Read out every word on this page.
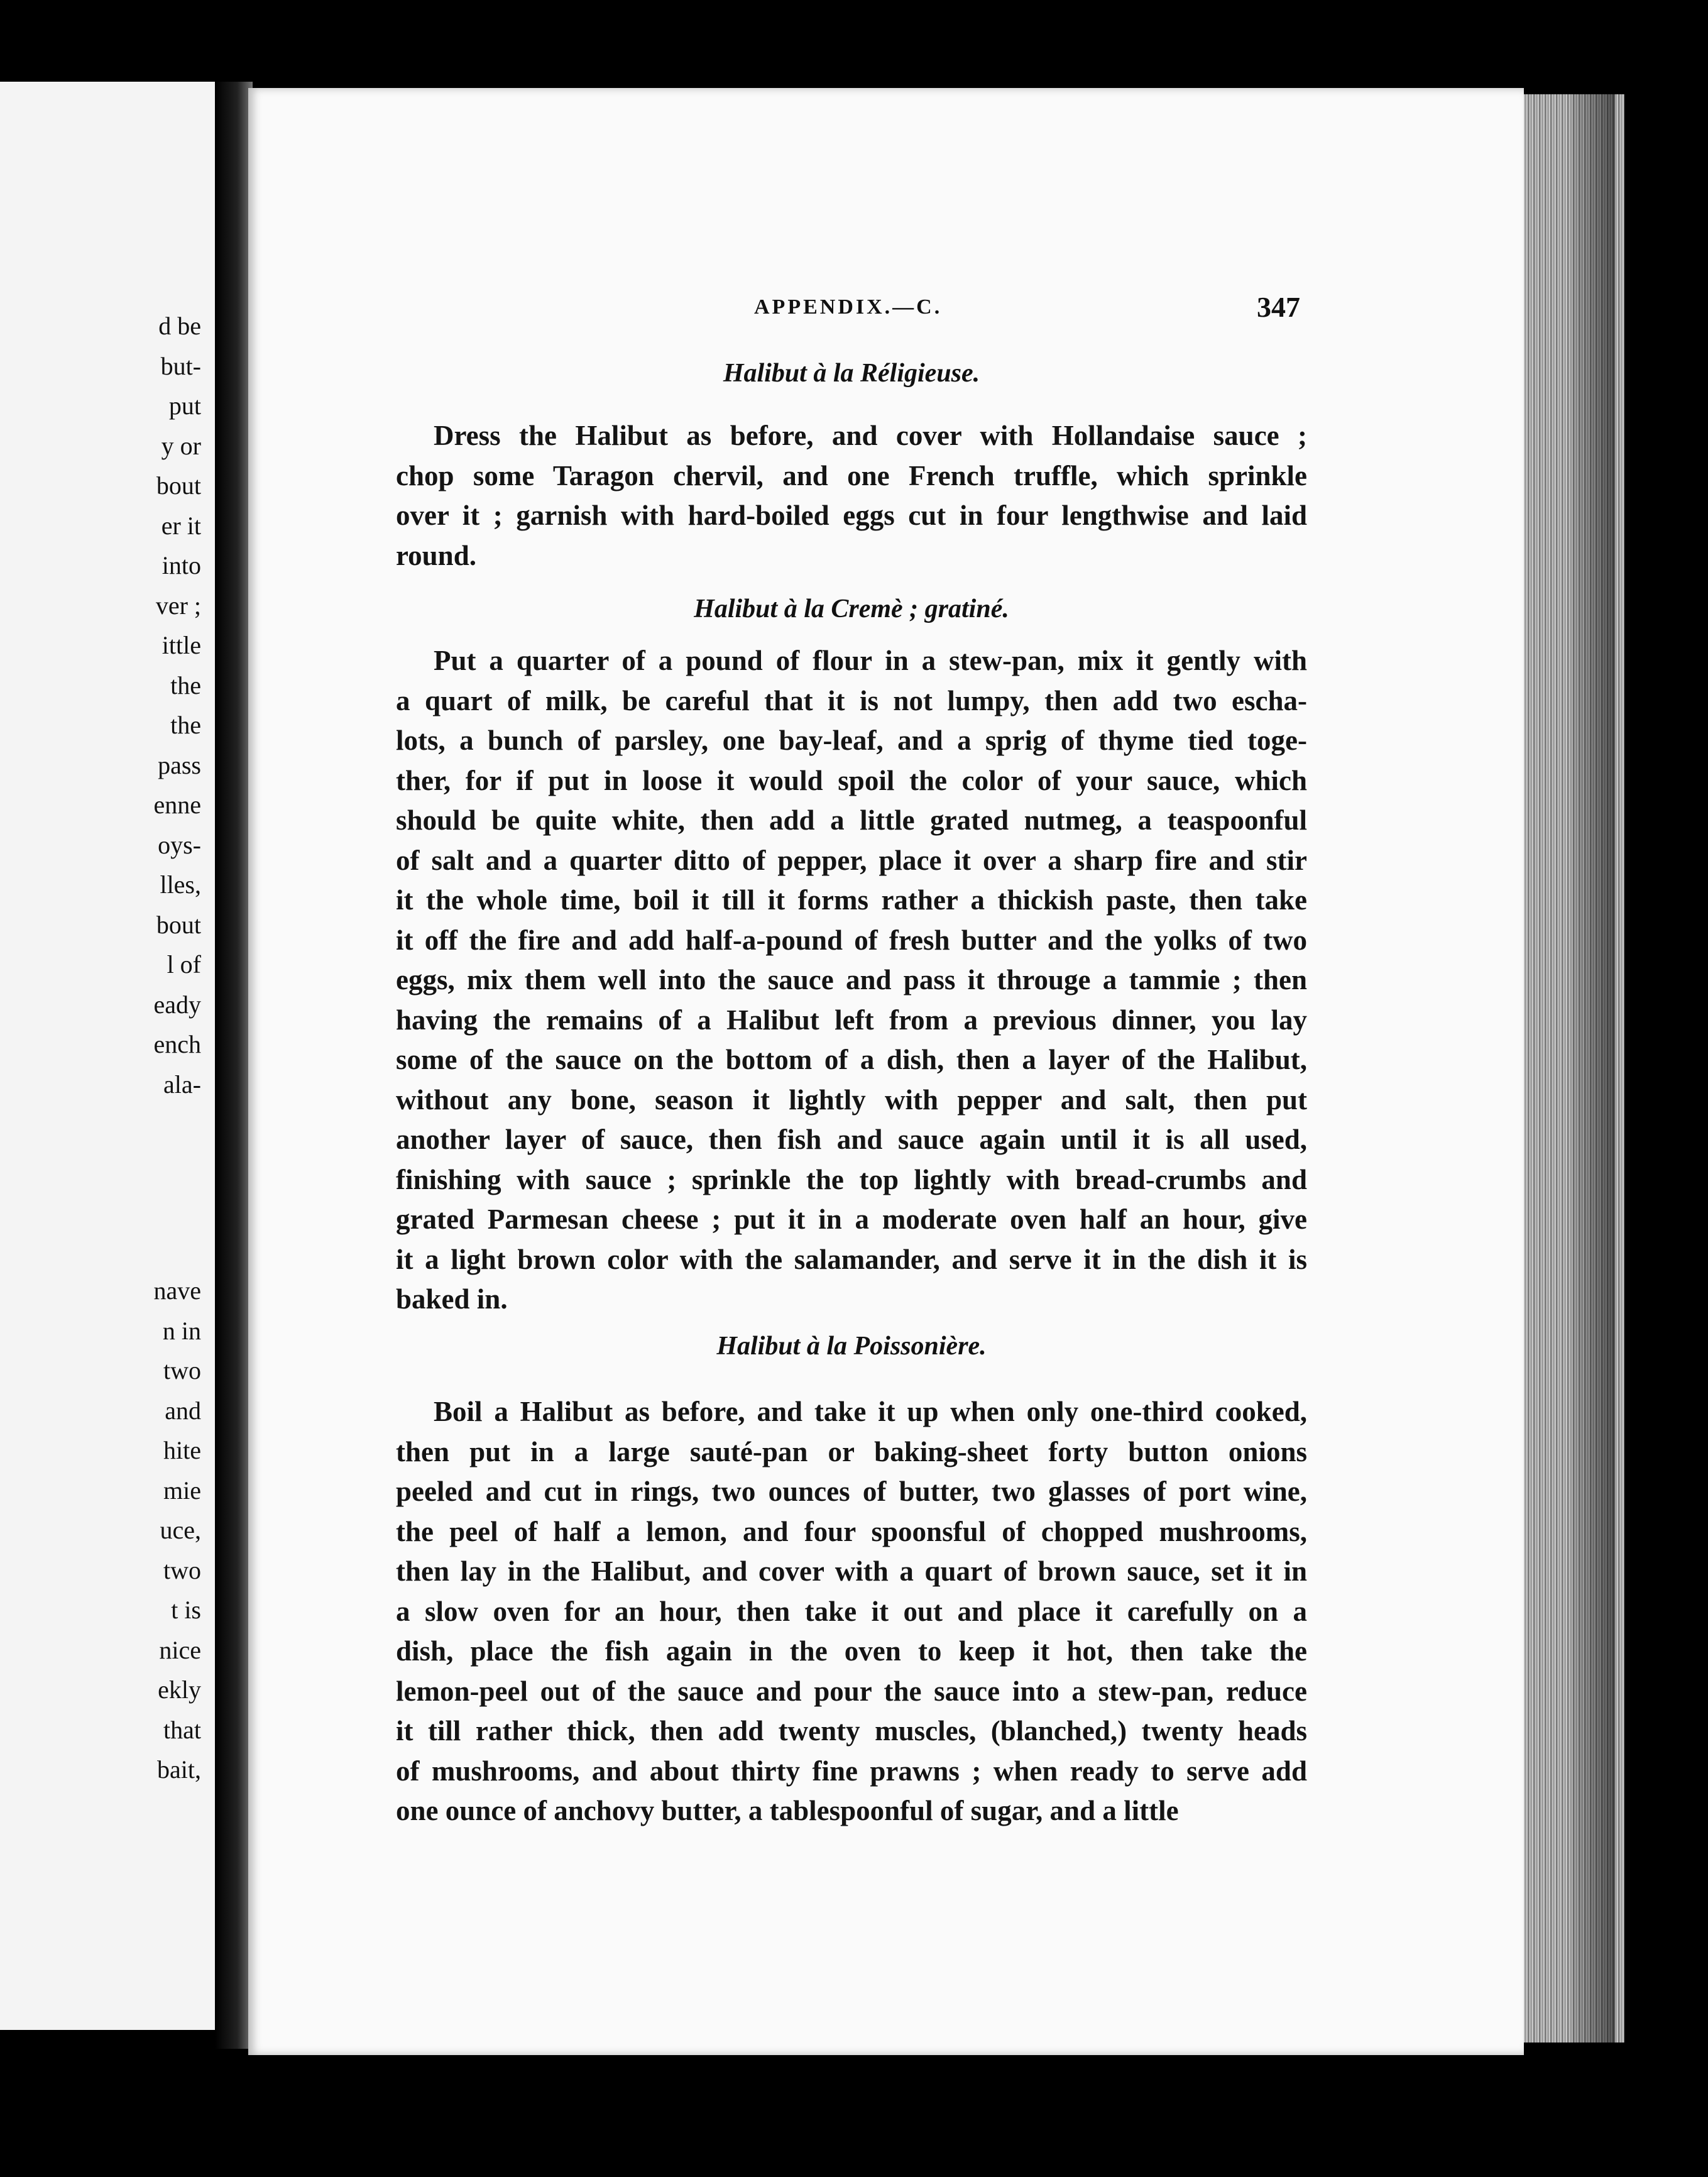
d be
but-
put
y or
bout
er it
into
ver ;
ittle
the
the
pass
enne
oys-
lles,
bout
l of
eady
ench
ala-
nave
n in
two
and
hite
mie
uce,
two
t is
nice
ekly
that
bait,
APPENDIX.—C.	347
Halibut à la Réligieuse.

Dress the Halibut as before, and cover with Hollandaise sauce ;
chop some Taragon chervil, and one French truffle, which sprinkle
over it ; garnish with hard-boiled eggs cut in four lengthwise and laid
round.

Halibut à la Cremè ; gratiné.

Put a quarter of a pound of flour in a stew-pan, mix it gently with
a quart of milk, be careful that it is not lumpy, then add two escha-
lots, a bunch of parsley, one bay-leaf, and a sprig of thyme tied toge-
ther, for if put in loose it would spoil the color of your sauce, which
should be quite white, then add a little grated nutmeg, a teaspoonful
of salt and a quarter ditto of pepper, place it over a sharp fire and stir
it the whole time, boil it till it forms rather a thickish paste, then take
it off the fire and add half-a-pound of fresh butter and the yolks of two
eggs, mix them well into the sauce and pass it througe a tammie ; then
having the remains of a Halibut left from a previous dinner, you lay
some of the sauce on the bottom of a dish, then a layer of the Halibut,
without any bone, season it lightly with pepper and salt, then put
another layer of sauce, then fish and sauce again until it is all used,
finishing with sauce ; sprinkle the top lightly with bread-crumbs and
grated Parmesan cheese ; put it in a moderate oven half an hour, give
it a light brown color with the salamander, and serve it in the dish it is
baked in.

Halibut à la Poissonière.

Boil a Halibut as before, and take it up when only one-third cooked,
then put in a large sauté-pan or baking-sheet forty button onions
peeled and cut in rings, two ounces of butter, two glasses of port wine,
the peel of half a lemon, and four spoonsful of chopped mushrooms,
then lay in the Halibut, and cover with a quart of brown sauce, set it in
a slow oven for an hour, then take it out and place it carefully on a
dish, place the fish again in the oven to keep it hot, then take the
lemon-peel out of the sauce and pour the sauce into a stew-pan, reduce
it till rather thick, then add twenty muscles, (blanched,) twenty heads
of mushrooms, and about thirty fine prawns ; when ready to serve add
one ounce of anchovy butter, a tablespoonful of sugar, and a little
